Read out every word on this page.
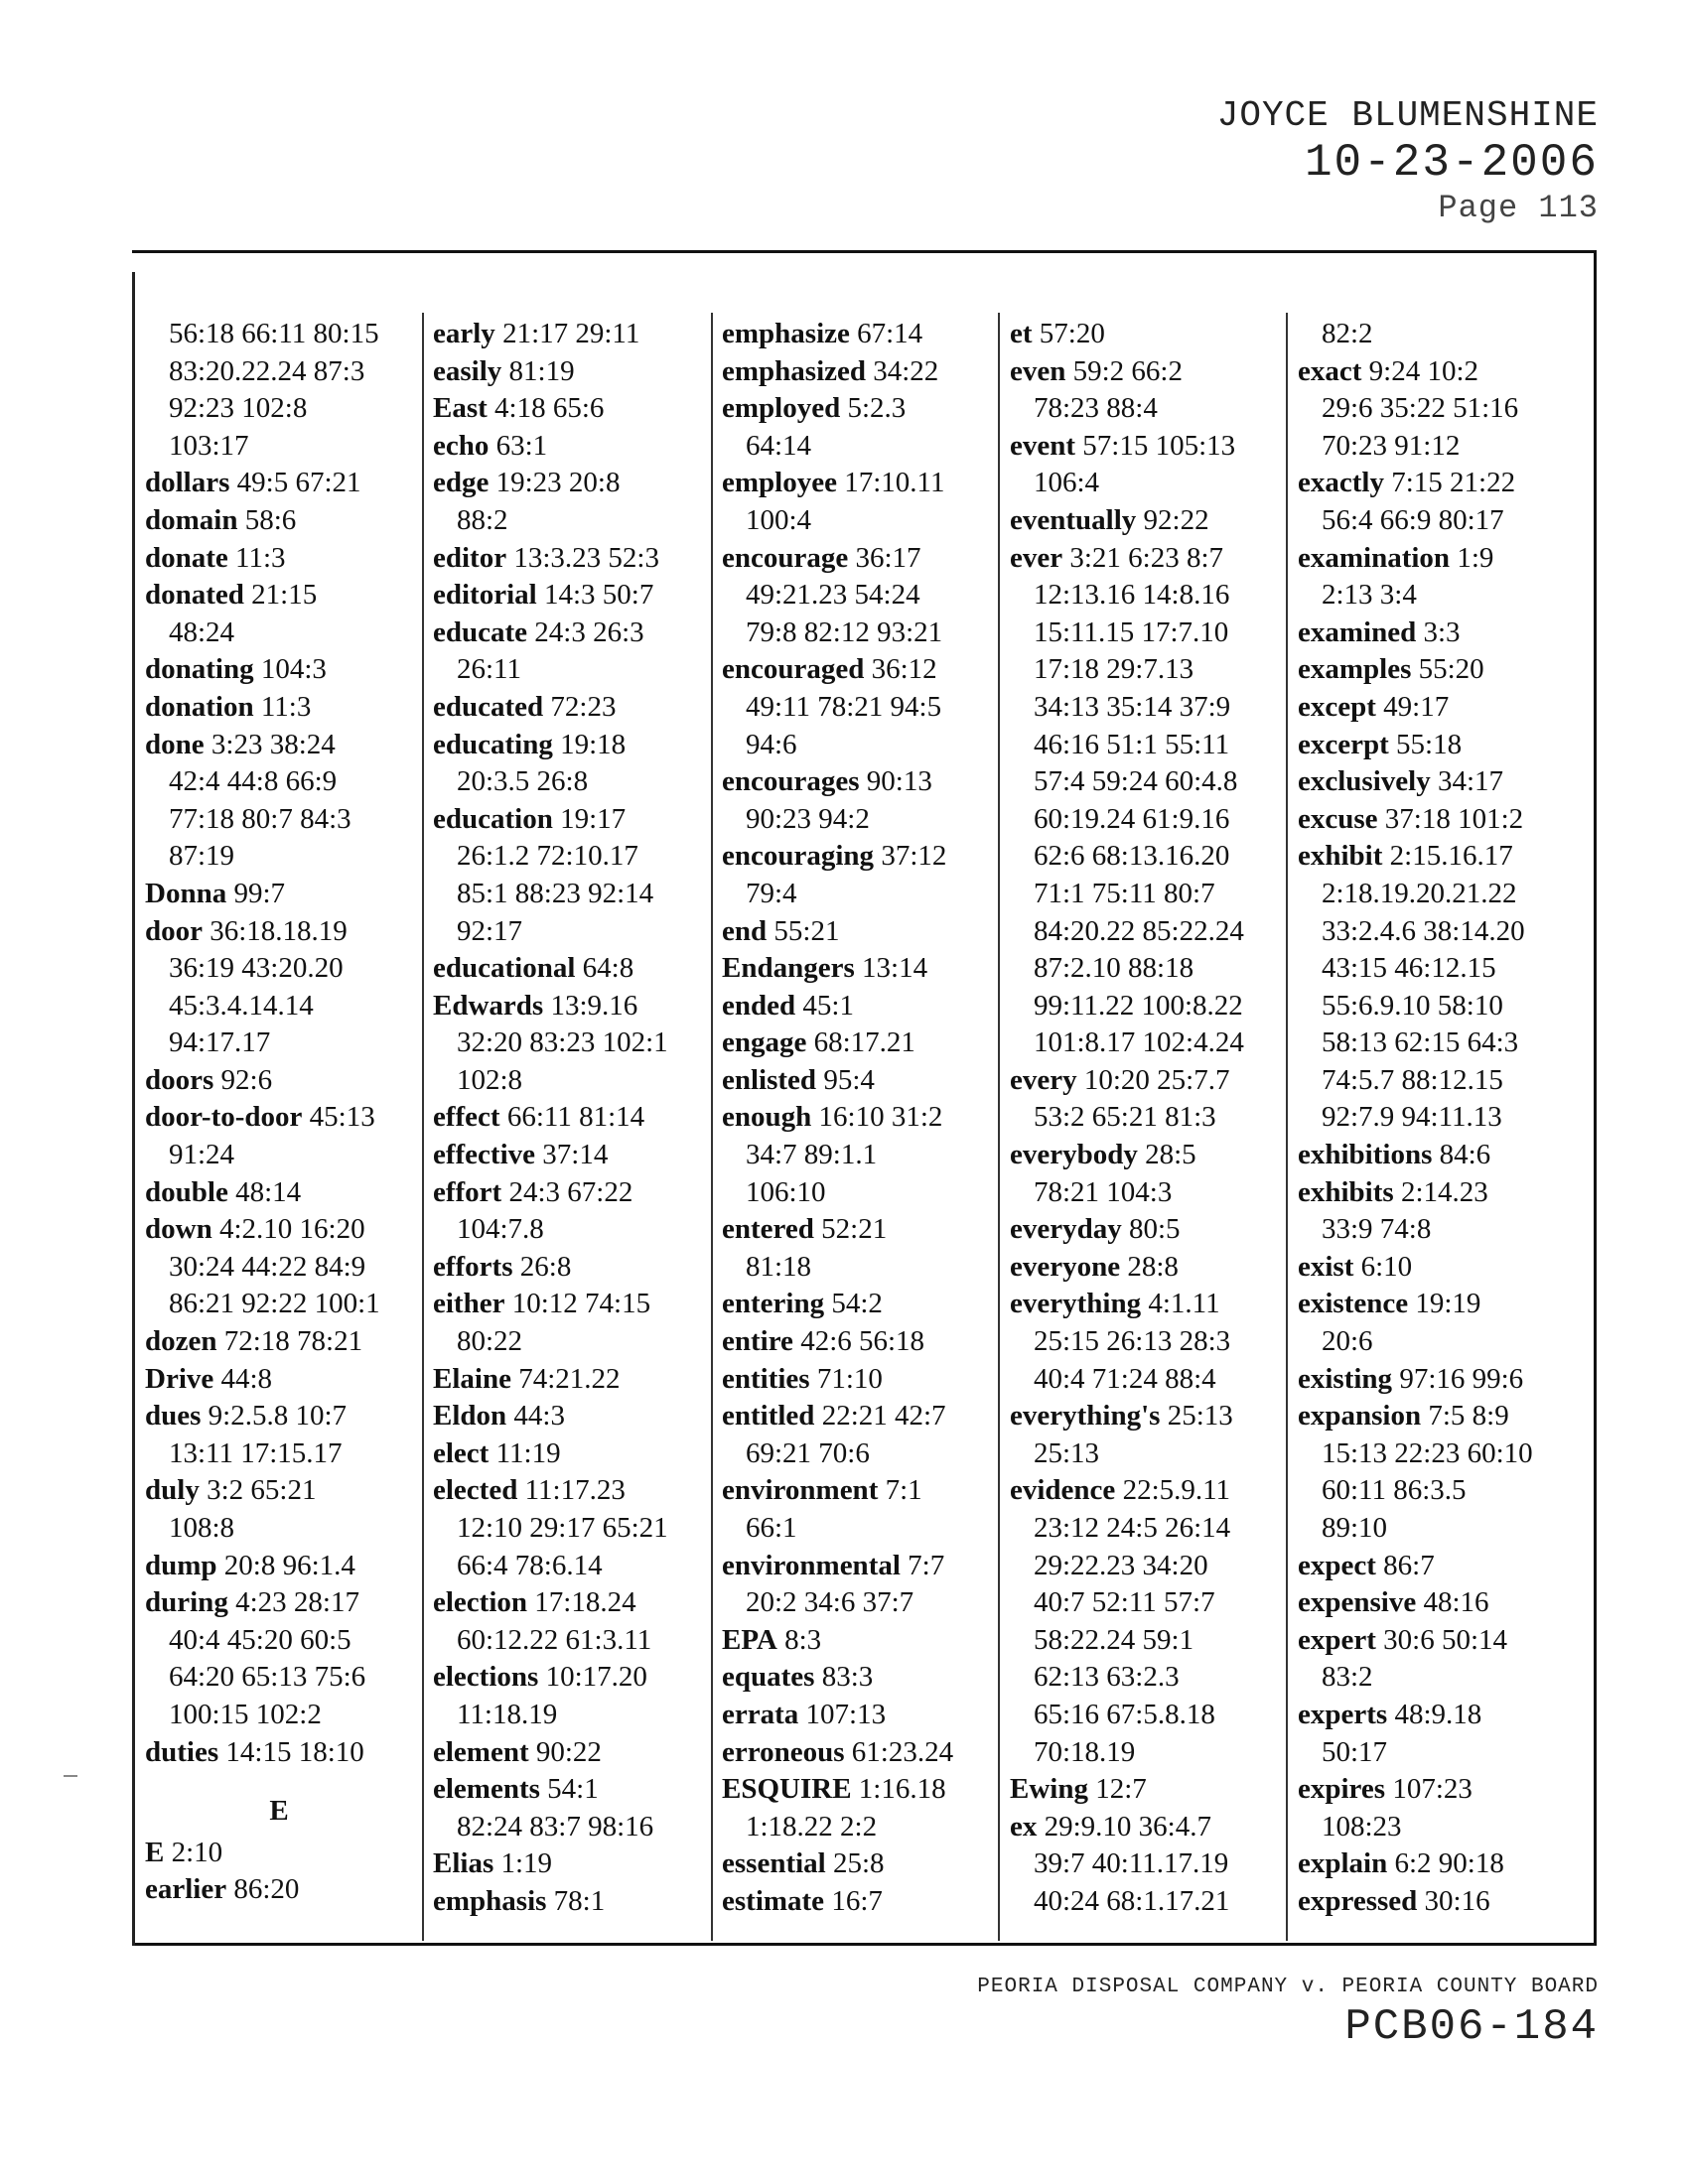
JOYCE BLUMENSHINE
10-23-2006
Page 113
56:18 66:11 80:15
83:20.22.24 87:3
92:23 102:8
103:17
dollars 49:5 67:21
domain 58:6
donate 11:3
donated 21:15
48:24
donating 104:3
donation 11:3
done 3:23 38:24
42:4 44:8 66:9
77:18 80:7 84:3
87:19
Donna 99:7
door 36:18.18.19
36:19 43:20.20
45:3.4.14.14
94:17.17
doors 92:6
door-to-door 45:13
91:24
double 48:14
down 4:2.10 16:20
30:24 44:22 84:9
86:21 92:22 100:1
dozen 72:18 78:21
Drive 44:8
dues 9:2.5.8 10:7
13:11 17:15.17
duly 3:2 65:21
108:8
dump 20:8 96:1.4
during 4:23 28:17
40:4 45:20 60:5
64:20 65:13 75:6
100:15 102:2
duties 14:15 18:10
E
E 2:10
earlier 86:20
early 21:17 29:11
easily 81:19
East 4:18 65:6
echo 63:1
edge 19:23 20:8
88:2
editor 13:3.23 52:3
editorial 14:3 50:7
educate 24:3 26:3
26:11
educated 72:23
educating 19:18
20:3.5 26:8
education 19:17
26:1.2 72:10.17
85:1 88:23 92:14
92:17
educational 64:8
Edwards 13:9.16
32:20 83:23 102:1
102:8
effect 66:11 81:14
effective 37:14
effort 24:3 67:22
104:7.8
efforts 26:8
either 10:12 74:15
80:22
Elaine 74:21.22
Eldon 44:3
elect 11:19
elected 11:17.23
12:10 29:17 65:21
66:4 78:6.14
election 17:18.24
60:12.22 61:3.11
elections 10:17.20
11:18.19
element 90:22
elements 54:1
82:24 83:7 98:16
Elias 1:19
emphasis 78:1
emphasize 67:14
emphasized 34:22
employed 5:2.3
64:14
employee 17:10.11
100:4
encourage 36:17
49:21.23 54:24
79:8 82:12 93:21
encouraged 36:12
49:11 78:21 94:5
94:6
encourages 90:13
90:23 94:2
encouraging 37:12
79:4
end 55:21
Endangers 13:14
ended 45:1
engage 68:17.21
enlisted 95:4
enough 16:10 31:2
34:7 89:1.1
106:10
entered 52:21
81:18
entering 54:2
entire 42:6 56:18
entities 71:10
entitled 22:21 42:7
69:21 70:6
environment 7:1
66:1
environmental 7:7
20:2 34:6 37:7
EPA 8:3
equates 83:3
errata 107:13
erroneous 61:23.24
ESQUIRE 1:16.18
1:18.22 2:2
essential 25:8
estimate 16:7
et 57:20
even 59:2 66:2
78:23 88:4
event 57:15 105:13
106:4
eventually 92:22
ever 3:21 6:23 8:7
12:13.16 14:8.16
15:11.15 17:7.10
17:18 29:7.13
34:13 35:14 37:9
46:16 51:1 55:11
57:4 59:24 60:4.8
60:19.24 61:9.16
62:6 68:13.16.20
71:1 75:11 80:7
84:20.22 85:22.24
87:2.10 88:18
99:11.22 100:8.22
101:8.17 102:4.24
every 10:20 25:7.7
53:2 65:21 81:3
everybody 28:5
78:21 104:3
everyday 80:5
everyone 28:8
everything 4:1.11
25:15 26:13 28:3
40:4 71:24 88:4
everything's 25:13
25:13
evidence 22:5.9.11
23:12 24:5 26:14
29:22.23 34:20
40:7 52:11 57:7
58:22.24 59:1
62:13 63:2.3
65:16 67:5.8.18
70:18.19
Ewing 12:7
ex 29:9.10 36:4.7
39:7 40:11.17.19
40:24 68:1.17.21
82:2
exact 9:24 10:2
29:6 35:22 51:16
70:23 91:12
exactly 7:15 21:22
56:4 66:9 80:17
examination 1:9
2:13 3:4
examined 3:3
examples 55:20
except 49:17
excerpt 55:18
exclusively 34:17
excuse 37:18 101:2
exhibit 2:15.16.17
2:18.19.20.21.22
33:2.4.6 38:14.20
43:15 46:12.15
55:6.9.10 58:10
58:13 62:15 64:3
74:5.7 88:12.15
92:7.9 94:11.13
exhibitions 84:6
exhibits 2:14.23
33:9 74:8
exist 6:10
existence 19:19
20:6
existing 97:16 99:6
expansion 7:5 8:9
15:13 22:23 60:10
60:11 86:3.5
89:10
expect 86:7
expensive 48:16
expert 30:6 50:14
83:2
experts 48:9.18
50:17
expires 107:23
108:23
explain 6:2 90:18
expressed 30:16
PEORIA DISPOSAL COMPANY v. PEORIA COUNTY BOARD
PCB06-184
